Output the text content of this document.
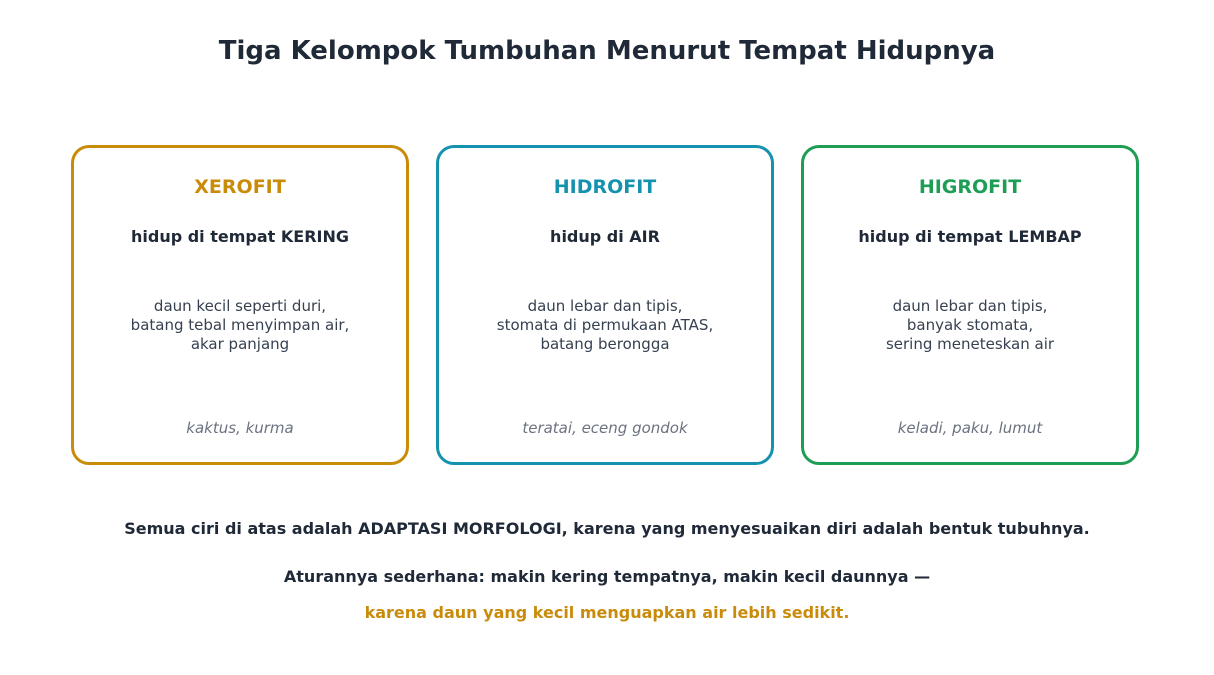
Tiga Kelompok Tumbuhan Menurut Tempat Hidupnya
XEROFIT
hidup di tempat KERING
daun kecil seperti duri,
batang tebal menyimpan air,
akar panjang
kaktus, kurma
HIDROFIT
hidup di AIR
daun lebar dan tipis,
stomata di permukaan ATAS,
batang berongga
teratai, eceng gondok
HIGROFIT
hidup di tempat LEMBAP
daun lebar dan tipis,
banyak stomata,
sering meneteskan air
keladi, paku, lumut
Semua ciri di atas adalah ADAPTASI MORFOLOGI, karena yang menyesuaikan diri adalah bentuk tubuhnya.
Aturannya sederhana: makin kering tempatnya, makin kecil daunnya —
karena daun yang kecil menguapkan air lebih sedikit.
